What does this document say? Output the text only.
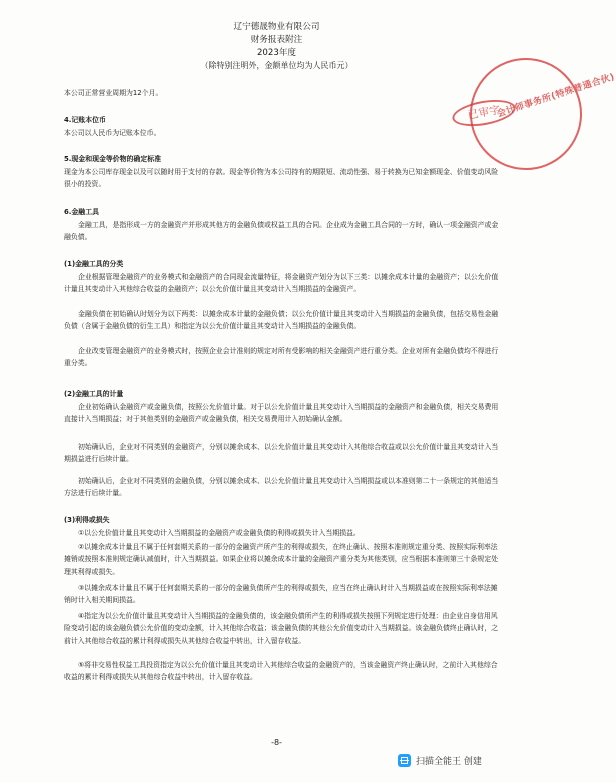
辽宁德晟物业有限公司
财务报表附注
2023年度
（除特别注明外，金额单位均为人民币元）
会计师事务所(特殊普通合伙)
已审字

本公司正常营业周期为12个月。

4.记账本位币

本公司以人民币为记账本位币。

5.现金和现金等价物的确定标准

现金为本公司库存现金以及可以随时用于支付的存款。现金等价物为本公司持有的期限短、流动性强、易于转换为已知金额现金、价值变动风险很小的投资。

6.金融工具

金融工具，是指形成一方的金融资产并形成其他方的金融负债或权益工具的合同。企业成为金融工具合同的一方时，确认一项金融资产或金融负债。

(1)金融工具的分类

企业根据管理金融资产的业务模式和金融资产的合同现金流量特征，将金融资产划分为以下三类：以摊余成本计量的金融资产；以公允价值计量且其变动计入其他综合收益的金融资产；以公允价值计量且其变动计入当期损益的金融资产。

金融负债在初始确认时划分为以下两类：以摊余成本计量的金融负债；以公允价值计量且其变动计入当期损益的金融负债，包括交易性金融负债（含属于金融负债的衍生工具）和指定为以公允价值计量且其变动计入当期损益的金融负债。

企业改变管理金融资产的业务模式时，按照企业会计准则的规定对所有受影响的相关金融资产进行重分类。企业对所有金融负债均不得进行重分类。

(2)金融工具的计量

企业初始确认金融资产或金融负债，按照公允价值计量。对于以公允价值计量且其变动计入当期损益的金融资产和金融负债，相关交易费用直接计入当期损益；对于其他类别的金融资产或金融负债，相关交易费用计入初始确认金额。

初始确认后，企业对不同类别的金融资产，分别以摊余成本、以公允价值计量且其变动计入其他综合收益或以公允价值计量且其变动计入当期损益进行后续计量。

初始确认后，企业对不同类别的金融负债，分别以摊余成本、以公允价值计量且其变动计入当期损益或以本准则第二十一条规定的其他适当方法进行后续计量。

(3)利得或损失

①以公允价值计量且其变动计入当期损益的金融资产或金融负债的利得或损失计入当期损益。

②以摊余成本计量且不属于任何套期关系的一部分的金融资产所产生的利得或损失，在终止确认、按照本准则规定重分类、按照实际利率法摊销或按照本准则规定确认减值时，计入当期损益。如果企业将以摊余成本计量的金融资产重分类为其他类别，应当根据本准则第三十条规定处理其利得或损失。

③以摊余成本计量且不属于任何套期关系的一部分的金融负债所产生的利得或损失，应当在终止确认时计入当期损益或在按照实际利率法摊销时计入相关期间损益。

④指定为以公允价值计量且其变动计入当期损益的金融负债的，该金融负债所产生的利得或损失按照下列规定进行处理：由企业自身信用风险变动引起的该金融负债公允价值的变动金额，计入其他综合收益；该金融负债的其他公允价值变动计入当期损益。该金融负债终止确认时，之前计入其他综合收益的累计利得或损失从其他综合收益中转出，计入留存收益。

⑤将非交易性权益工具投资指定为以公允价值计量且其变动计入其他综合收益的金融资产的，当该金融资产终止确认时，之前计入其他综合收益的累计利得或损失从其他综合收益中转出，计入留存收益。

-8-
扫描全能王 创建
